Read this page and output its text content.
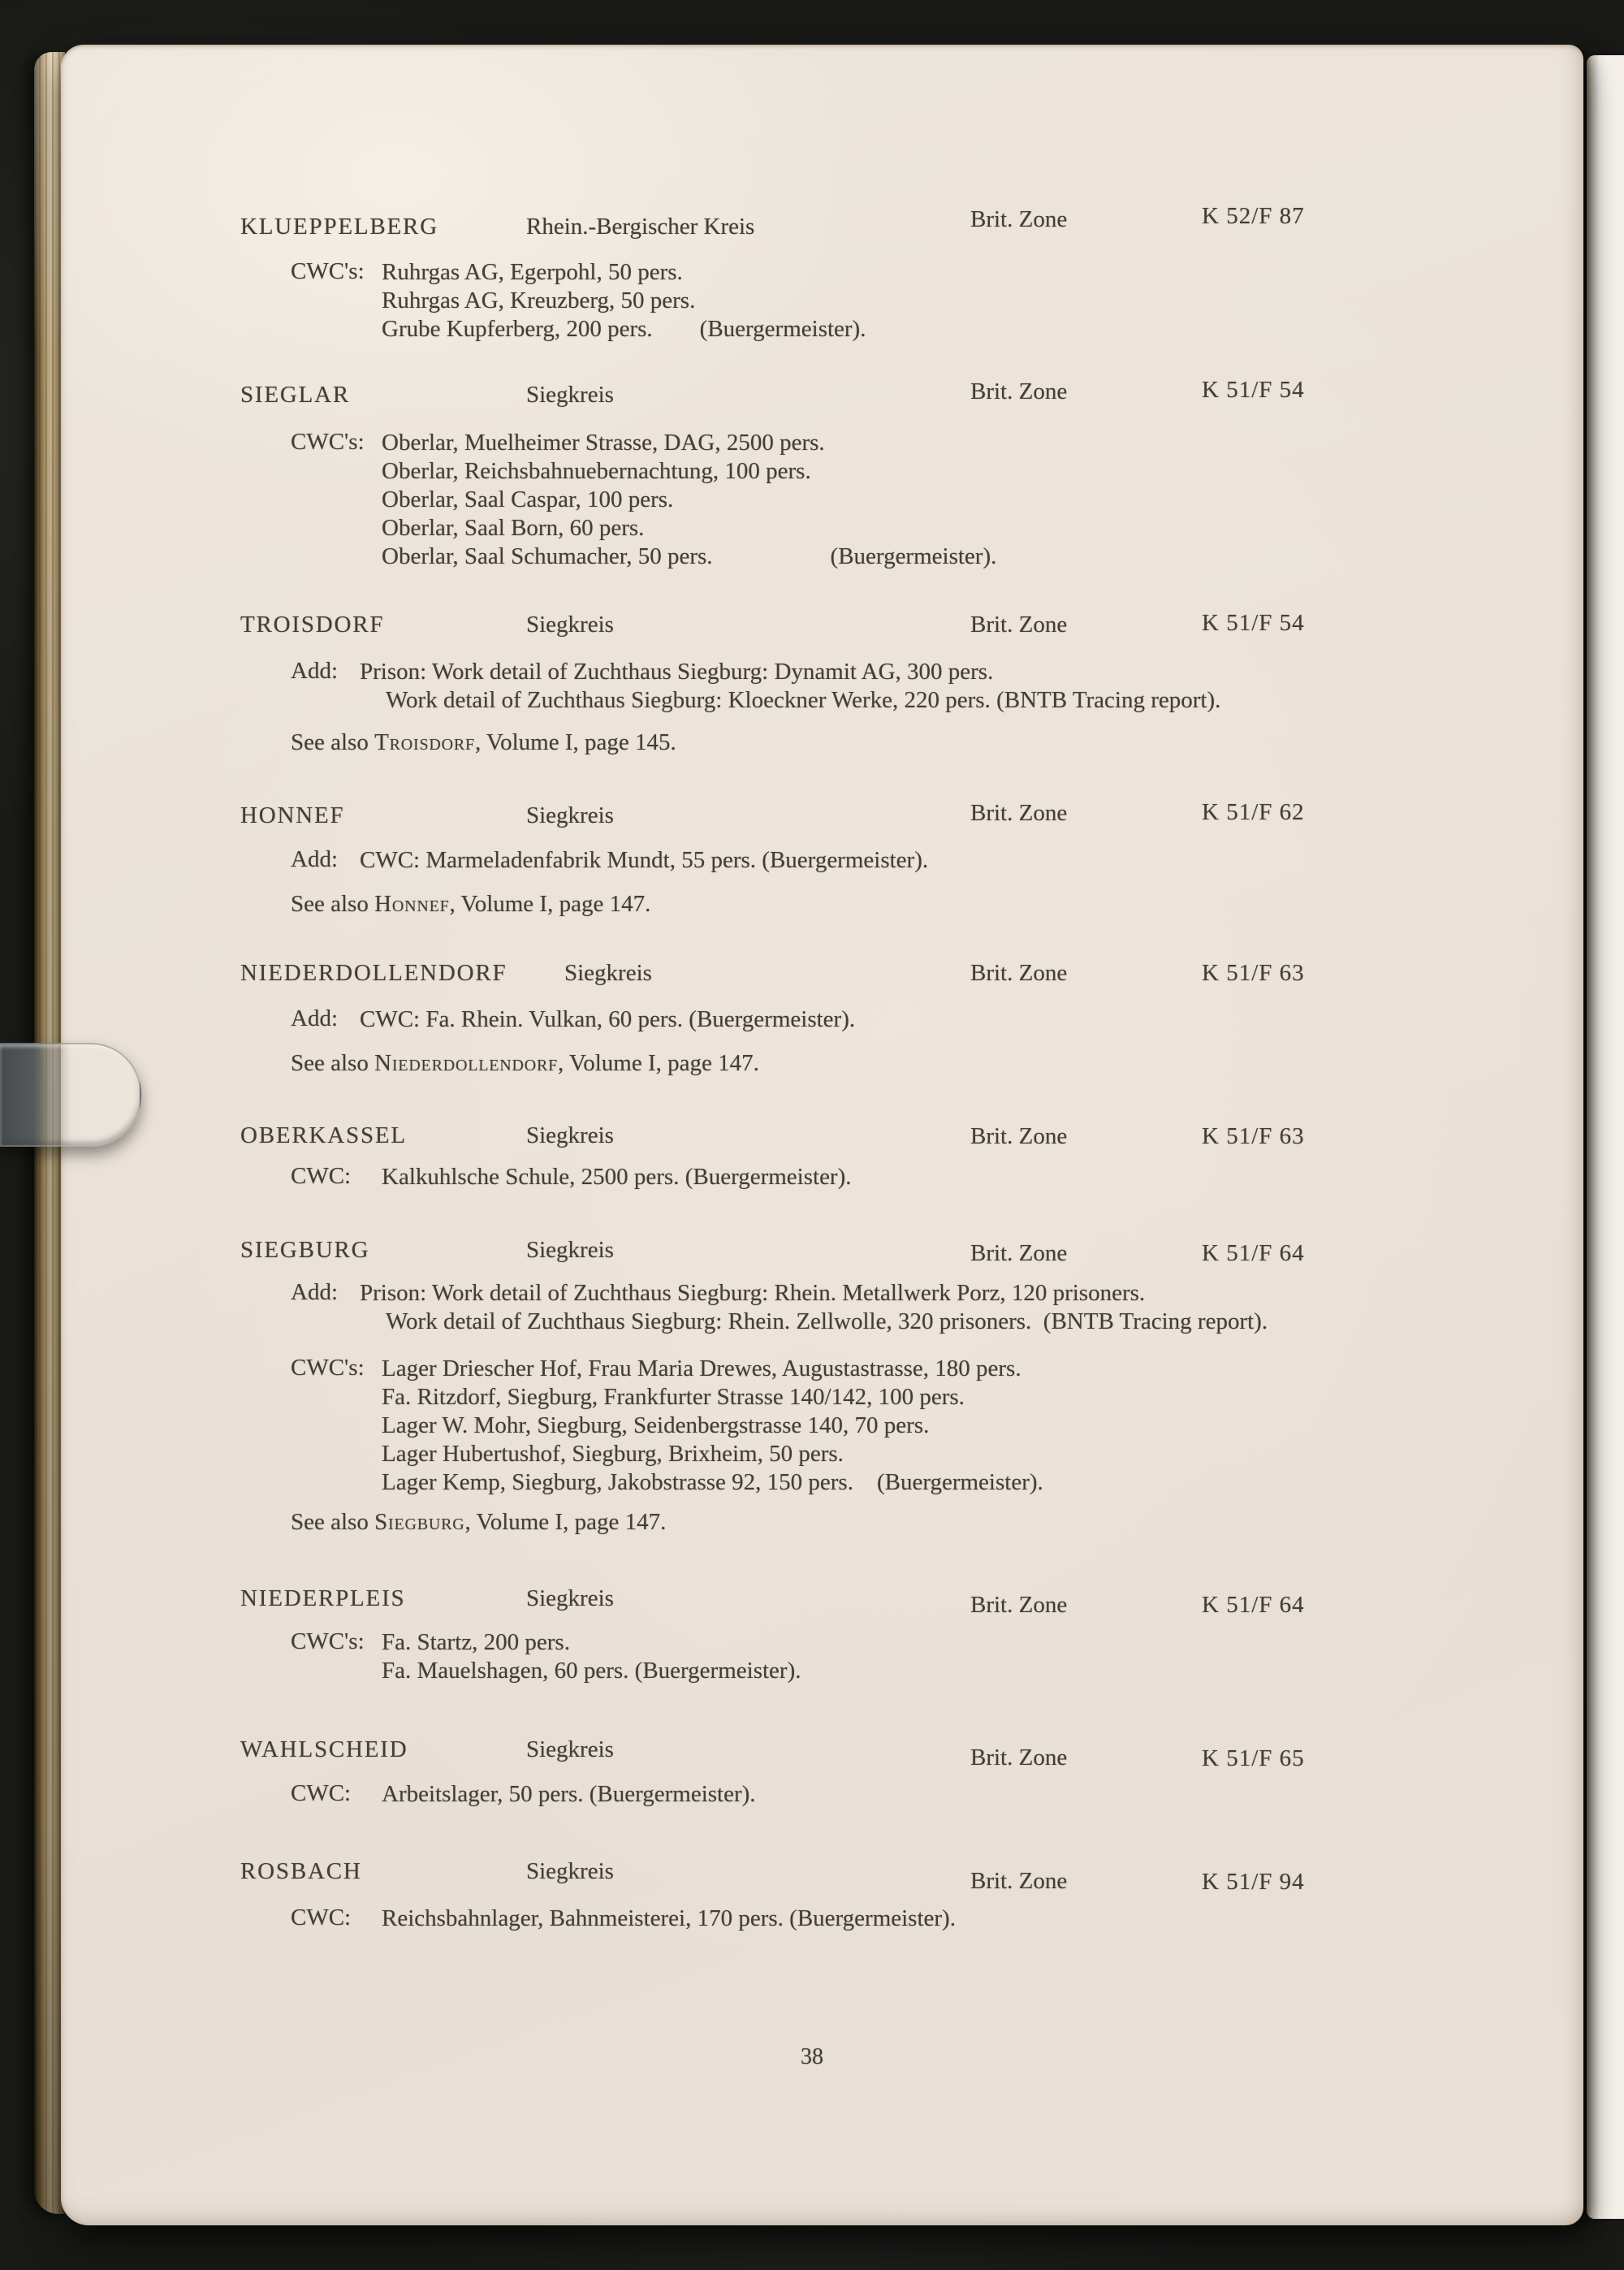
KLUEPPELBERG	Rhein.-Bergischer Kreis	Brit. Zone	K 52/F 87
CWC's: Ruhrgas AG, Egerpohl, 50 pers.
Ruhrgas AG, Kreuzberg, 50 pers.
Grube Kupferberg, 200 pers.  (Buergermeister).
SIEGLAR	Siegkreis	Brit. Zone	K 51/F 54
CWC's: Oberlar, Muelheimer Strasse, DAG, 2500 pers.
Oberlar, Reichsbahnuebernachtung, 100 pers.
Oberlar, Saal Caspar, 100 pers.
Oberlar, Saal Born, 60 pers.
Oberlar, Saal Schumacher, 50 pers.     (Buergermeister).
TROISDORF	Siegkreis	Brit. Zone	K 51/F 54
Add: Prison: Work detail of Zuchthaus Siegburg: Dynamit AG, 300 pers.
Work detail of Zuchthaus Siegburg: Kloeckner Werke, 220 pers. (BNTB Tracing report).
See also Troisdorf, Volume I, page 145.
HONNEF	Siegkreis	Brit. Zone	K 51/F 62
Add: CWC: Marmeladenfabrik Mundt, 55 pers. (Buergermeister).
See also Honnef, Volume I, page 147.
NIEDERDOLLENDORF Siegkreis	Brit. Zone	K 51/F 63
Add: CWC: Fa. Rhein. Vulkan, 60 pers. (Buergermeister).
See also Niederdollendorf, Volume I, page 147.
OBERKASSEL	Siegkreis	Brit. Zone	K 51/F 63
CWC: Kalkuhlsche Schule, 2500 pers. (Buergermeister).
SIEGBURG	Siegkreis	Brit. Zone	K 51/F 64
Add: Prison: Work detail of Zuchthaus Siegburg: Rhein. Metallwerk Porz, 120 prisoners.
Work detail of Zuchthaus Siegburg: Rhein. Zellwolle, 320 prisoners. (BNTB Tracing report).
CWC's: Lager Driescher Hof, Frau Maria Drewes, Augustastrasse, 180 pers.
Fa. Ritzdorf, Siegburg, Frankfurter Strasse 140/142, 100 pers.
Lager W. Mohr, Siegburg, Seidenbergstrasse 140, 70 pers.
Lager Hubertushof, Siegburg, Brixheim, 50 pers.
Lager Kemp, Siegburg, Jakobstrasse 92, 150 pers.  (Buergermeister).
See also Siegburg, Volume I, page 147.
NIEDERPLEIS	Siegkreis	Brit. Zone	K 51/F 64
CWC's: Fa. Startz, 200 pers.
Fa. Mauelshagen, 60 pers. (Buergermeister).
WAHLSCHEID	Siegkreis	Brit. Zone	K 51/F 65
CWC: Arbeitslager, 50 pers. (Buergermeister).
ROSBACH	Siegkreis	Brit. Zone	K 51/F 94
CWC: Reichsbahnlager, Bahnmeisterei, 170 pers. (Buergermeister).
38
